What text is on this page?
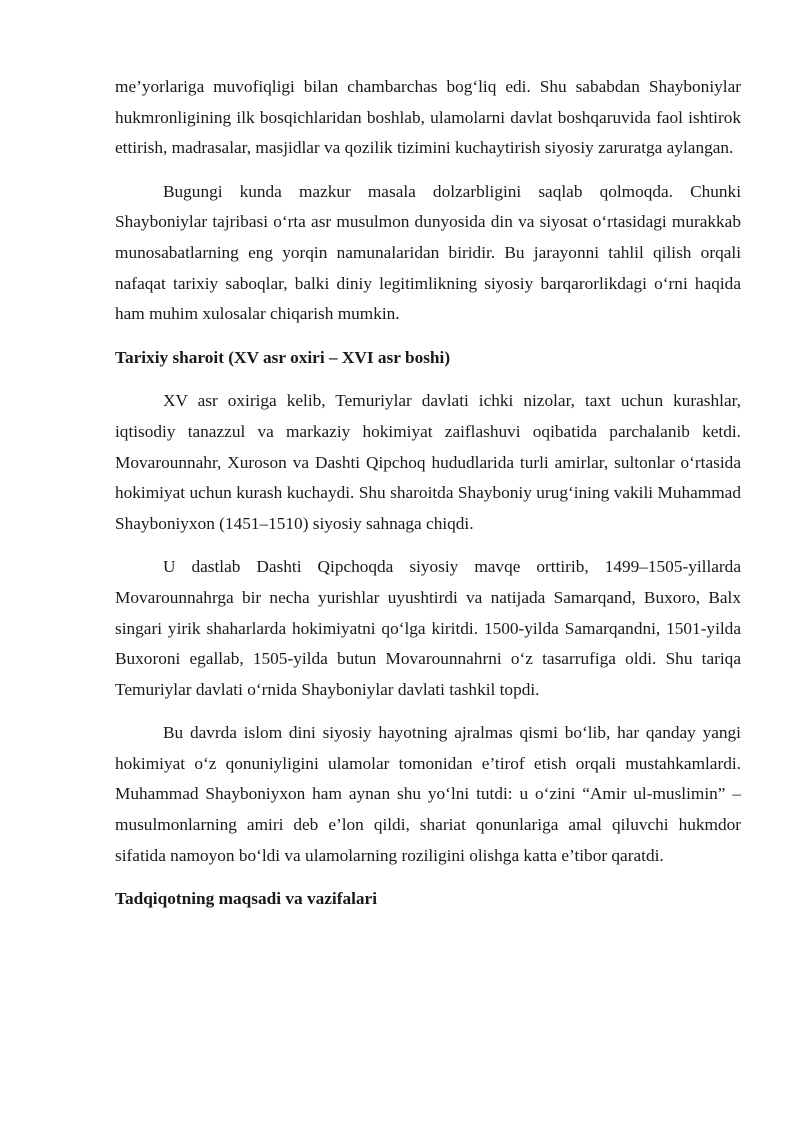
me’yorlariga muvofiqligi bilan chambarchas bog‘liq edi. Shu sababdan Shayboniylar hukmronligining ilk bosqichlaridan boshlab, ulamolarni davlat boshqaruvida faol ishtirok ettirish, madrasalar, masjidlar va qozilik tizimini kuchaytirish siyosiy zaruratga aylangan.

Bugungi kunda mazkur masala dolzarbligini saqlab qolmoqda. Chunki Shayboniylar tajribasi o‘rta asr musulmon dunyosida din va siyosat o‘rtasidagi murakkab munosabatlarning eng yorqin namunalaridan biridir. Bu jarayonni tahlil qilish orqali nafaqat tarixiy saboqlar, balki diniy legitimlikning siyosiy barqarorlikdagi o‘rni haqida ham muhim xulosalar chiqarish mumkin.

Tarixiy sharoit (XV asr oxiri – XVI asr boshi)

XV asr oxiriga kelib, Temuriylar davlati ichki nizolar, taxt uchun kurashlar, iqtisodiy tanazzul va markaziy hokimiyat zaiflashuvi oqibatida parchalanib ketdi. Movarounnahr, Xuroson va Dashti Qipchoq hududlarida turli amirlar, sultonlar o‘rtasida hokimiyat uchun kurash kuchaydi. Shu sharoitda Shayboniy urug‘ining vakili Muhammad Shayboniyxon (1451–1510) siyosiy sahnaga chiqdi.

U dastlab Dashti Qipchoqda siyosiy mavqe orttirib, 1499–1505-yillarda Movarounnahrga bir necha yurishlar uyushtirdi va natijada Samarqand, Buxoro, Balx singari yirik shaharlarda hokimiyatni qo‘lga kiritdi. 1500-yilda Samarqandni, 1501-yilda Buxoroni egallab, 1505-yilda butun Movarounnahrni o‘z tasarrufiga oldi. Shu tariqa Temuriylar davlati o‘rnida Shayboniylar davlati tashkil topdi.

Bu davrda islom dini siyosiy hayotning ajralmas qismi bo‘lib, har qanday yangi hokimiyat o‘z qonuniyligini ulamolar tomonidan e’tirof etish orqali mustahkamlardi. Muhammad Shayboniyxon ham aynan shu yo‘lni tutdi: u o‘zini “Amir ul-muslimin” – musulmonlarning amiri deb e’lon qildi, shariat qonunlariga amal qiluvchi hukmdor sifatida namoyon bo‘ldi va ulamolarning roziligini olishga katta e’tibor qaratdi.

Tadqiqotning maqsadi va vazifalari
